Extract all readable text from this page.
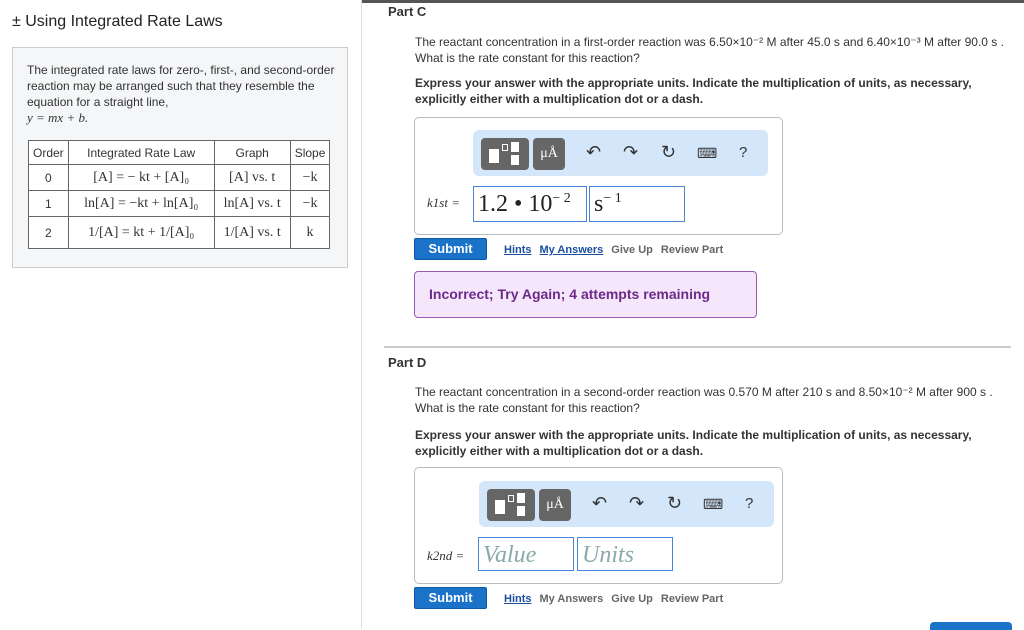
± Using Integrated Rate Laws
The integrated rate laws for zero-, first-, and second-order reaction may be arranged such that they resemble the equation for a straight line,
y = mx + b.
Order	Integrated Rate Law	Graph	Slope
0	[A] = − kt + [A]₀	[A] vs. t	−k
1	ln[A] = −kt + ln[A]₀	ln[A] vs. t	−k
2	1/[A] = kt + 1/[A]₀	1/[A] vs. t	k
Part C
The reactant concentration in a first-order reaction was 6.50×10⁻² M after 45.0 s and 6.40×10⁻³ M after 90.0 s . What is the rate constant for this reaction?
Express your answer with the appropriate units. Indicate the multiplication of units, as necessary, explicitly either with a multiplication dot or a dash.
μÅ	↶ ↷ ↻ ⌨ ?
k1st = 1.2 • $10^{- 2}$ $s^{- 1}$
Submit	Hints My Answers Give Up Review Part
Incorrect; Try Again; 4 attempts remaining
Part D
The reactant concentration in a second-order reaction was 0.570 M after 210 s and 8.50×10⁻² M after 900 s . What is the rate constant for this reaction?
Express your answer with the appropriate units. Indicate the multiplication of units, as necessary, explicitly either with a multiplication dot or a dash.
μÅ	↶ ↷ ↻ ⌨ ?
k2nd = Value	Units
Submit	Hints My Answers Give Up Review Part
